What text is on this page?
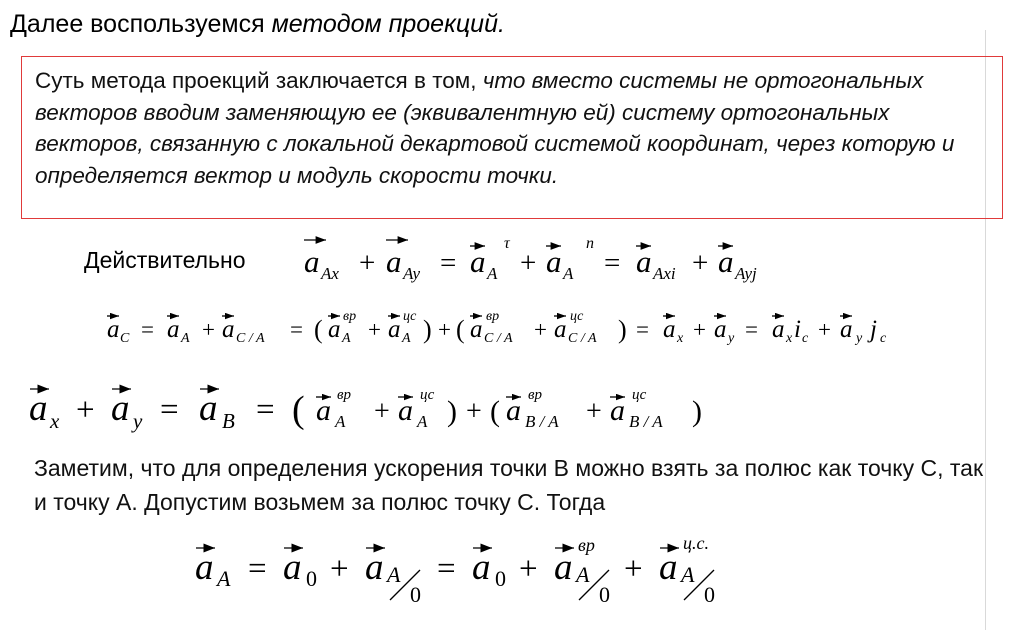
Далее воспользуемся методом проекций.
Суть метода проекций заключается в том, что вместо системы не ортогональных векторов вводим заменяющую ее (эквивалентную ей) систему ортогональных векторов, связанную с локальной декартовой системой координат, через которую и определяется вектор и модуль скорости точки.
Действительно a Ax + a Ay = a A
τ
+ a A
n
= a Axi + a Ayj
a C = a A + a C / A = ( a вр
A + a цс
A ) + ( a вр
C / A + a цс
C / A ) = a x + a y = a x i c + a y j c
a x + a y = a B = ( a вр
A + a цс
A ) + ( a вр
B / A + a цс
B / A )
Заметим, что для определения ускорения точки В можно взять за полюс как точку С, так и точку А. Допустим возьмем за полюс точку С. Тогда
a A = a 0 + a A
0
= a 0 + a
вр
A
0
+ a
ц.с.
A
0
